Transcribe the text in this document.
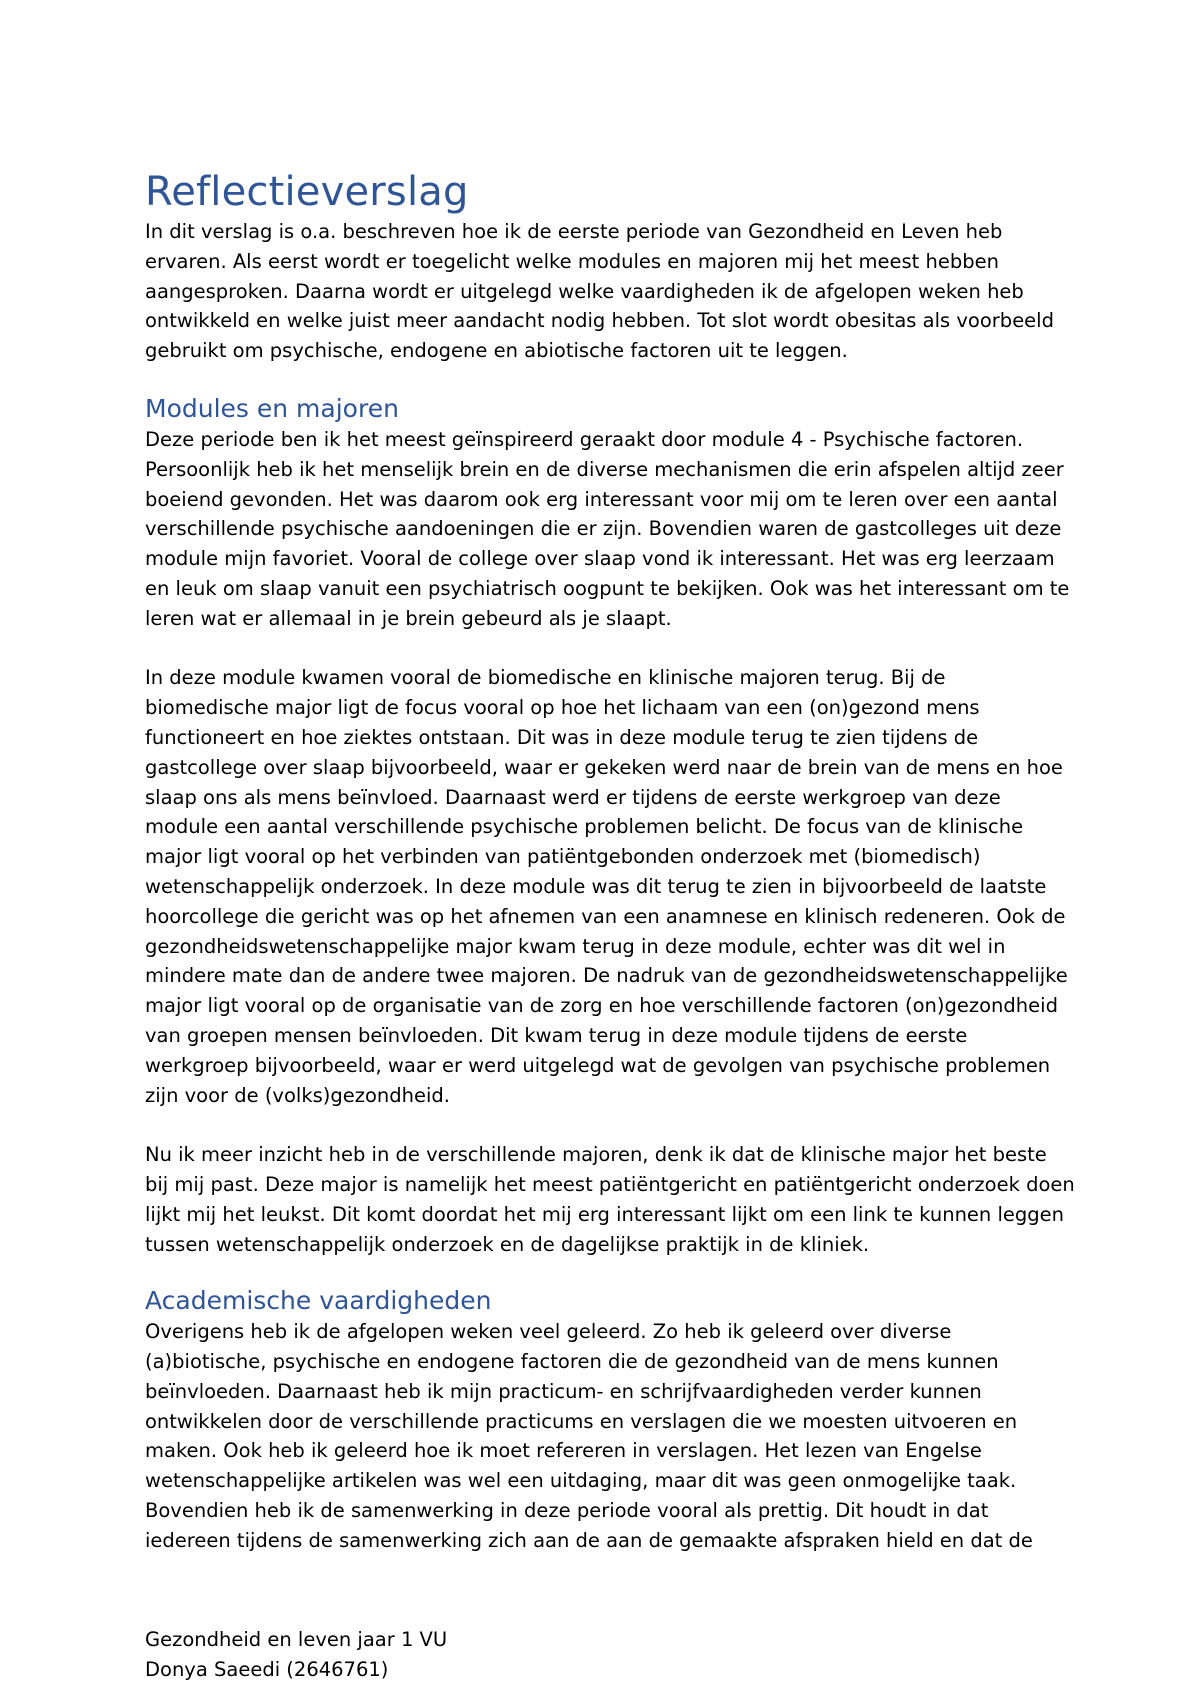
Reflectieverslag

In dit verslag is o.a. beschreven hoe ik de eerste periode van Gezondheid en Leven heb ervaren. Als eerst wordt er toegelicht welke modules en majoren mij het meest hebben aangesproken. Daarna wordt er uitgelegd welke vaardigheden ik de afgelopen weken heb ontwikkeld en welke juist meer aandacht nodig hebben. Tot slot wordt obesitas als voorbeeld gebruikt om psychische, endogene en abiotische factoren uit te leggen.

Modules en majoren

Deze periode ben ik het meest geïnspireerd geraakt door module 4 - Psychische factoren. Persoonlijk heb ik het menselijk brein en de diverse mechanismen die erin afspelen altijd zeer boeiend gevonden. Het was daarom ook erg interessant voor mij om te leren over een aantal verschillende psychische aandoeningen die er zijn. Bovendien waren de gastcolleges uit deze module mijn favoriet. Vooral de college over slaap vond ik interessant. Het was erg leerzaam en leuk om slaap vanuit een psychiatrisch oogpunt te bekijken. Ook was het interessant om te leren wat er allemaal in je brein gebeurd als je slaapt.

In deze module kwamen vooral de biomedische en klinische majoren terug. Bij de biomedische major ligt de focus vooral op hoe het lichaam van een (on)gezond mens functioneert en hoe ziektes ontstaan. Dit was in deze module terug te zien tijdens de gastcollege over slaap bijvoorbeeld, waar er gekeken werd naar de brein van de mens en hoe slaap ons als mens beïnvloed. Daarnaast werd er tijdens de eerste werkgroep van deze module een aantal verschillende psychische problemen belicht. De focus van de klinische major ligt vooral op het verbinden van patiëntgebonden onderzoek met (biomedisch) wetenschappelijk onderzoek. In deze module was dit terug te zien in bijvoorbeeld de laatste hoorcollege die gericht was op het afnemen van een anamnese en klinisch redeneren. Ook de gezondheidswetenschappelijke major kwam terug in deze module, echter was dit wel in mindere mate dan de andere twee majoren. De nadruk van de gezondheidswetenschappelijke major ligt vooral op de organisatie van de zorg en hoe verschillende factoren (on)gezondheid van groepen mensen beïnvloeden. Dit kwam terug in deze module tijdens de eerste werkgroep bijvoorbeeld, waar er werd uitgelegd wat de gevolgen van psychische problemen zijn voor de (volks)gezondheid.

Nu ik meer inzicht heb in de verschillende majoren, denk ik dat de klinische major het beste bij mij past. Deze major is namelijk het meest patiëntgericht en patiëntgericht onderzoek doen lijkt mij het leukst. Dit komt doordat het mij erg interessant lijkt om een link te kunnen leggen tussen wetenschappelijk onderzoek en de dagelijkse praktijk in de kliniek.

Academische vaardigheden

Overigens heb ik de afgelopen weken veel geleerd. Zo heb ik geleerd over diverse (a)biotische, psychische en endogene factoren die de gezondheid van de mens kunnen beïnvloeden. Daarnaast heb ik mijn practicum- en schrijfvaardigheden verder kunnen ontwikkelen door de verschillende practicums en verslagen die we moesten uitvoeren en maken. Ook heb ik geleerd hoe ik moet refereren in verslagen. Het lezen van Engelse wetenschappelijke artikelen was wel een uitdaging, maar dit was geen onmogelijke taak. Bovendien heb ik de samenwerking in deze periode vooral als prettig. Dit houdt in dat iedereen tijdens de samenwerking zich aan de aan de gemaakte afspraken hield en dat de

Gezondheid en leven jaar 1 VU
Donya Saeedi (2646761)
